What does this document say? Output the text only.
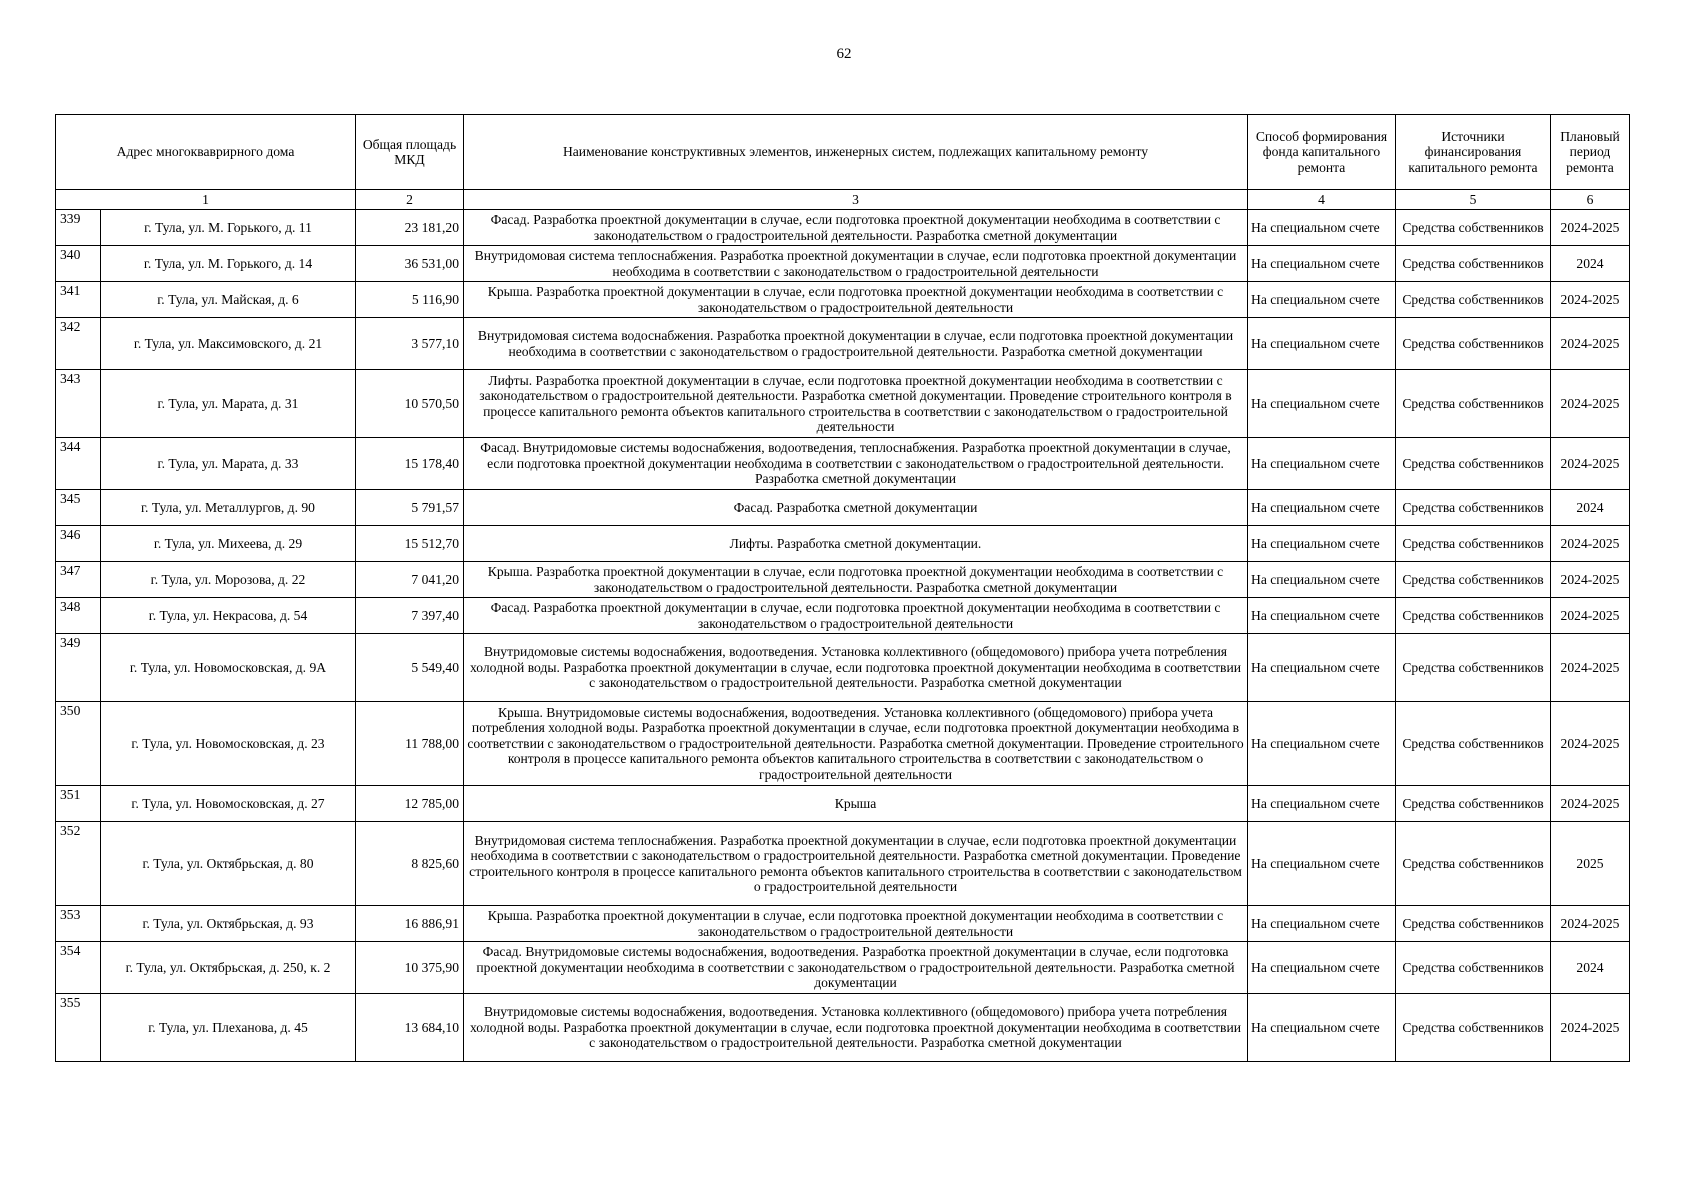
62
Адрес многокваврирного дома		Общая площадь МКД	Наименование конструктивных элементов, инженерных систем, подлежащих капитальному ремонту	Способ формирования фонда капитального ремонта	Источники финансирования капитального ремонта	Плановый период ремонта
1		2	3	4	5	6
339	г. Тула, ул. М. Горького, д. 11	23 181,20	Фасад. Разработка проектной документации в случае, если подготовка проектной документации необходима в соответствии с законодательством о градостроительной деятельности. Разработка сметной документации	На специальном счете	Средства собственников	2024-2025
340	г. Тула, ул. М. Горького, д. 14	36 531,00	Внутридомовая система теплоснабжения. Разработка проектной документации в случае, если подготовка проектной документации необходима в соответствии с законодательством о градостроительной деятельности	На специальном счете	Средства собственников	2024
341	г. Тула, ул. Майская, д. 6	5 116,90	Крыша. Разработка проектной документации в случае, если подготовка проектной документации необходима в соответствии с законодательством о градостроительной деятельности	На специальном счете	Средства собственников	2024-2025
342	г. Тула, ул. Максимовского, д. 21	3 577,10	Внутридомовая система водоснабжения. Разработка проектной документации в случае, если подготовка проектной документации необходима в соответствии с законодательством о градостроительной деятельности. Разработка сметной документации	На специальном счете	Средства собственников	2024-2025
343	г. Тула, ул. Марата, д. 31	10 570,50	Лифты. Разработка проектной документации в случае, если подготовка проектной документации необходима в соответствии с законодательством о градостроительной деятельности. Разработка сметной документации. Проведение строительного контроля в процессе капитального ремонта объектов капитального строительства в соответствии с законодательством о градостроительной деятельности	На специальном счете	Средства собственников	2024-2025
344	г. Тула, ул. Марата, д. 33	15 178,40	Фасад. Внутридомовые системы водоснабжения, водоотведения, теплоснабжения. Разработка проектной документации в случае, если подготовка проектной документации необходима в соответствии с законодательством о градостроительной деятельности. Разработка сметной документации	На специальном счете	Средства собственников	2024-2025
345	г. Тула, ул. Металлургов, д. 90	5 791,57	Фасад. Разработка сметной документации	На специальном счете	Средства собственников	2024
346	г. Тула, ул. Михеева, д. 29	15 512,70	Лифты. Разработка сметной документации.	На специальном счете	Средства собственников	2024-2025
347	г. Тула, ул. Морозова, д. 22	7 041,20	Крыша. Разработка проектной документации в случае, если подготовка проектной документации необходима в соответствии с законодательством о градостроительной деятельности. Разработка сметной документации	На специальном счете	Средства собственников	2024-2025
348	г. Тула, ул. Некрасова, д. 54	7 397,40	Фасад. Разработка проектной документации в случае, если подготовка проектной документации необходима в соответствии с законодательством о градостроительной деятельности	На специальном счете	Средства собственников	2024-2025
349	г. Тула, ул. Новомосковская, д. 9А	5 549,40	Внутридомовые системы водоснабжения, водоотведения. Установка коллективного (общедомового) прибора учета потребления холодной воды. Разработка проектной документации в случае, если подготовка проектной документации необходима в соответствии с законодательством о градостроительной деятельности. Разработка сметной документации	На специальном счете	Средства собственников	2024-2025
350	г. Тула, ул. Новомосковская, д. 23	11 788,00	Крыша. Внутридомовые системы водоснабжения, водоотведения. Установка коллективного (общедомового) прибора учета потребления холодной воды. Разработка проектной документации в случае, если подготовка проектной документации необходима в соответствии с законодательством о градостроительной деятельности. Разработка сметной документации. Проведение строительного контроля в процессе капитального ремонта объектов капитального строительства в соответствии с законодательством о градостроительной деятельности	На специальном счете	Средства собственников	2024-2025
351	г. Тула, ул. Новомосковская, д. 27	12 785,00	Крыша	На специальном счете	Средства собственников	2024-2025
352	г. Тула, ул. Октябрьская, д. 80	8 825,60	Внутридомовая система теплоснабжения. Разработка проектной документации в случае, если подготовка проектной документации необходима в соответствии с законодательством о градостроительной деятельности. Разработка сметной документации. Проведение строительного контроля в процессе капитального ремонта объектов капитального строительства в соответствии с законодательством о градостроительной деятельности	На специальном счете	Средства собственников	2025
353	г. Тула, ул. Октябрьская, д. 93	16 886,91	Крыша. Разработка проектной документации в случае, если подготовка проектной документации необходима в соответствии с законодательством о градостроительной деятельности	На специальном счете	Средства собственников	2024-2025
354	г. Тула, ул. Октябрьская, д. 250, к. 2	10 375,90	Фасад. Внутридомовые системы водоснабжения, водоотведения. Разработка проектной документации в случае, если подготовка проектной документации необходима в соответствии с законодательством о градостроительной деятельности. Разработка сметной документации	На специальном счете	Средства собственников	2024
355	г. Тула, ул. Плеханова, д. 45	13 684,10	Внутридомовые системы водоснабжения, водоотведения. Установка коллективного (общедомового) прибора учета потребления холодной воды. Разработка проектной документации в случае, если подготовка проектной документации необходима в соответствии с законодательством о градостроительной деятельности. Разработка сметной документации	На специальном счете	Средства собственников	2024-2025
